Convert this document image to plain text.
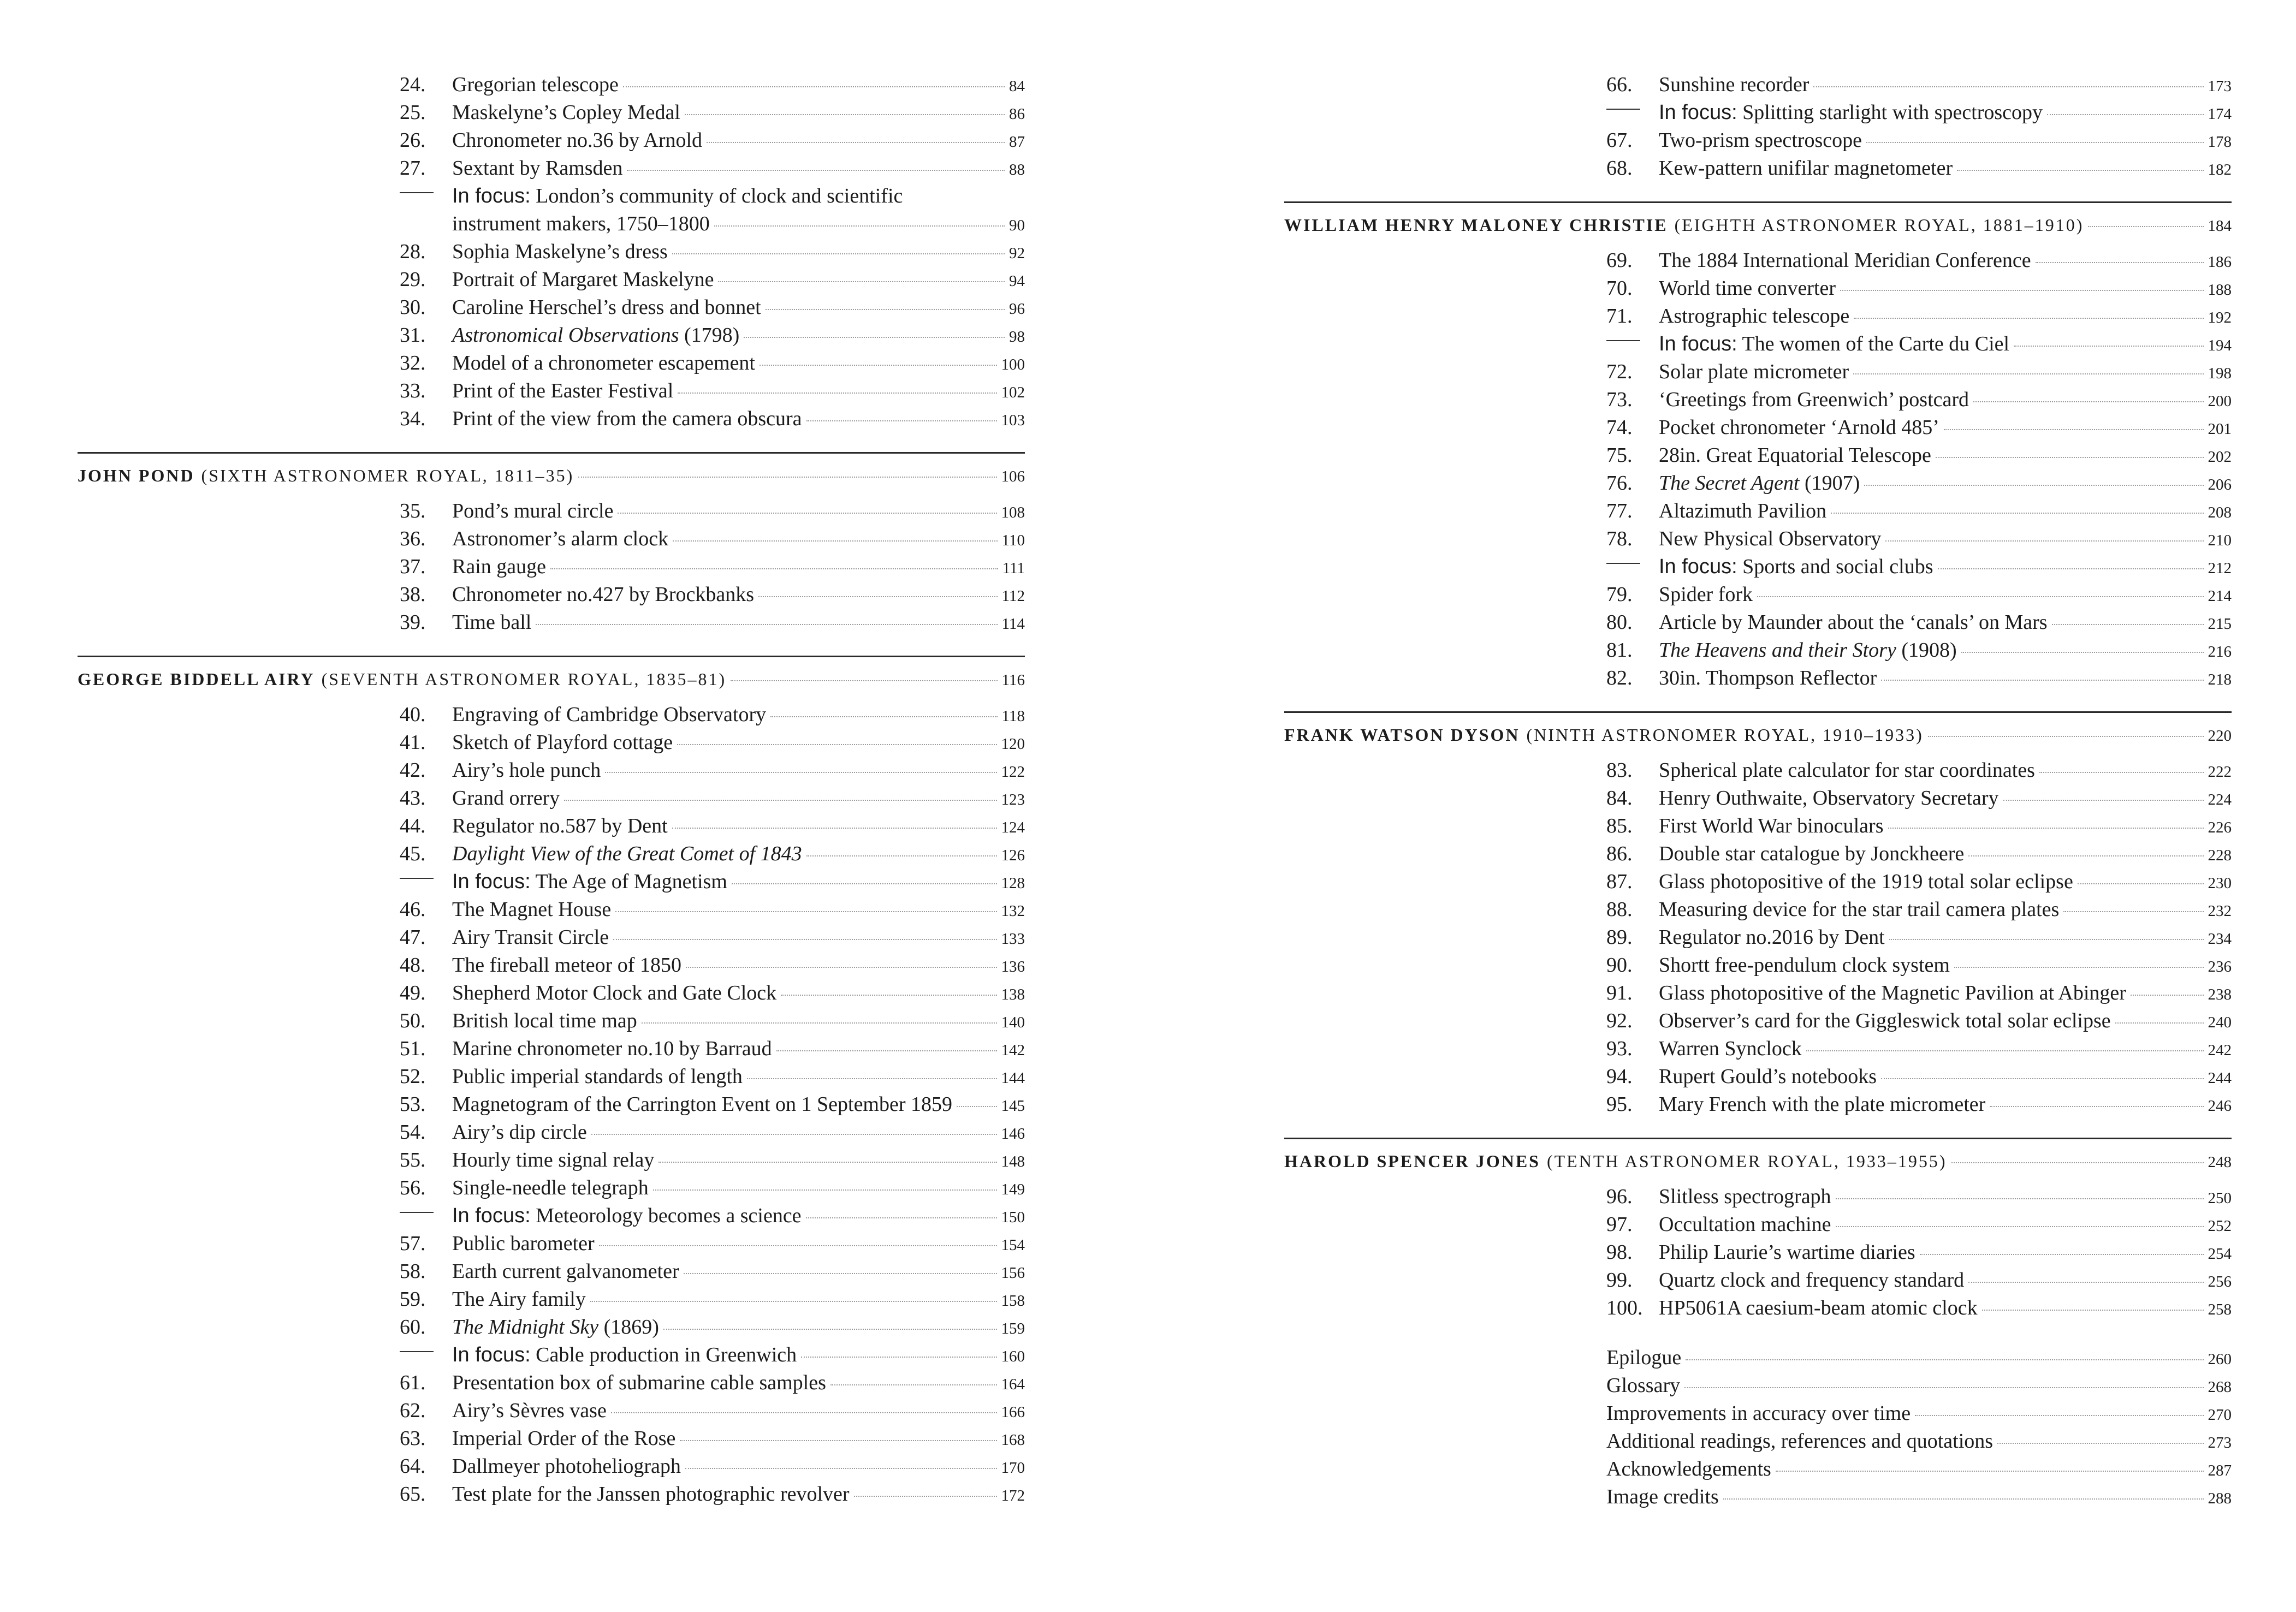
24.	Gregorian telescope	84
25.	Maskelyne’s Copley Medal	86
26.	Chronometer no.36 by Arnold	87
27.	Sextant by Ramsden	88
In focus: London’s community of clock and scientific
instrument makers, 1750–1800	90
28.	Sophia Maskelyne’s dress	92
29.	Portrait of Margaret Maskelyne	94
30.	Caroline Herschel’s dress and bonnet	96
31.	Astronomical Observations (1798)	98
32.	Model of a chronometer escapement	100
33.	Print of the Easter Festival	102
34.	Print of the view from the camera obscura	103
JOHN POND (SIXTH ASTRONOMER ROYAL, 1811–35)	106
35.	Pond’s mural circle	108
36.	Astronomer’s alarm clock	110
37.	Rain gauge	111
38.	Chronometer no.427 by Brockbanks	112
39.	Time ball	114
GEORGE BIDDELL AIRY (SEVENTH ASTRONOMER ROYAL, 1835–81)	116
40.	Engraving of Cambridge Observatory	118
41.	Sketch of Playford cottage	120
42.	Airy’s hole punch	122
43.	Grand orrery	123
44.	Regulator no.587 by Dent	124
45.	Daylight View of the Great Comet of 1843	126
In focus: The Age of Magnetism	128
46.	The Magnet House	132
47.	Airy Transit Circle	133
48.	The fireball meteor of 1850	136
49.	Shepherd Motor Clock and Gate Clock	138
50.	British local time map	140
51.	Marine chronometer no.10 by Barraud	142
52.	Public imperial standards of length	144
53.	Magnetogram of the Carrington Event on 1 September 1859	145
54.	Airy’s dip circle	146
55.	Hourly time signal relay	148
56.	Single-needle telegraph	149
In focus: Meteorology becomes a science	150
57.	Public barometer	154
58.	Earth current galvanometer	156
59.	The Airy family	158
60.	The Midnight Sky (1869)	159
In focus: Cable production in Greenwich	160
61.	Presentation box of submarine cable samples	164
62.	Airy’s Sèvres vase	166
63.	Imperial Order of the Rose	168
64.	Dallmeyer photoheliograph	170
65.	Test plate for the Janssen photographic revolver	172
66.	Sunshine recorder	173
In focus: Splitting starlight with spectroscopy	174
67.	Two-prism spectroscope	178
68.	Kew-pattern unifilar magnetometer	182
WILLIAM HENRY MALONEY CHRISTIE (EIGHTH ASTRONOMER ROYAL, 1881–1910)	184
69.	The 1884 International Meridian Conference	186
70.	World time converter	188
71.	Astrographic telescope	192
In focus: The women of the Carte du Ciel	194
72.	Solar plate micrometer	198
73.	‘Greetings from Greenwich’ postcard	200
74.	Pocket chronometer ‘Arnold 485’	201
75.	28in. Great Equatorial Telescope	202
76.	The Secret Agent (1907)	206
77.	Altazimuth Pavilion	208
78.	New Physical Observatory	210
In focus: Sports and social clubs	212
79.	Spider fork	214
80.	Article by Maunder about the ‘canals’ on Mars	215
81.	The Heavens and their Story (1908)	216
82.	30in. Thompson Reflector	218
FRANK WATSON DYSON (NINTH ASTRONOMER ROYAL, 1910–1933)	220
83.	Spherical plate calculator for star coordinates	222
84.	Henry Outhwaite, Observatory Secretary	224
85.	First World War binoculars	226
86.	Double star catalogue by Jonckheere	228
87.	Glass photopositive of the 1919 total solar eclipse	230
88.	Measuring device for the star trail camera plates	232
89.	Regulator no.2016 by Dent	234
90.	Shortt free-pendulum clock system	236
91.	Glass photopositive of the Magnetic Pavilion at Abinger	238
92.	Observer’s card for the Giggleswick total solar eclipse	240
93.	Warren Synclock	242
94.	Rupert Gould’s notebooks	244
95.	Mary French with the plate micrometer	246
HAROLD SPENCER JONES (TENTH ASTRONOMER ROYAL, 1933–1955)	248
96.	Slitless spectrograph	250
97.	Occultation machine	252
98.	Philip Laurie’s wartime diaries	254
99.	Quartz clock and frequency standard	256
100. HP5061A caesium-beam atomic clock	258
Epilogue	260
Glossary	268
Improvements in accuracy over time	270
Additional readings, references and quotations	273
Acknowledgements	287
Image credits	288
